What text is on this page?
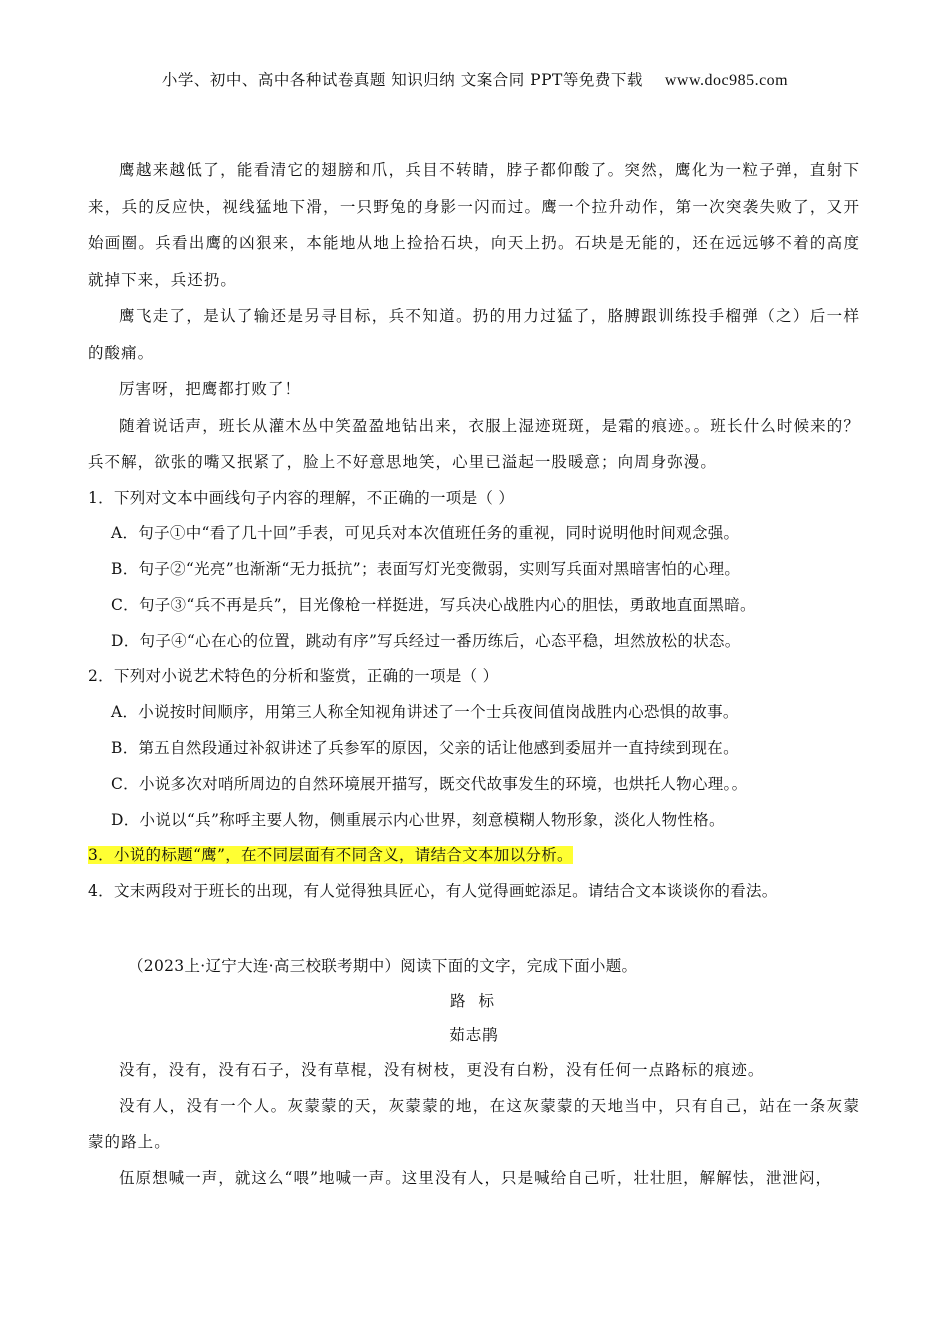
小学、初中、高中各种试卷真题 知识归纳 文案合同 PPT等免费下载 www.doc985.com

鹰越来越低了，能看清它的翅膀和爪，兵目不转睛，脖子都仰酸了。突然，鹰化为一粒子弹，直射下来，兵的反应快，视线猛地下滑，一只野兔的身影一闪而过。鹰一个拉升动作，第一次突袭失败了，又开始画圈。兵看出鹰的凶狠来，本能地从地上捡拾石块，向天上扔。石块是无能的，还在远远够不着的高度就掉下来，兵还扔。

鹰飞走了，是认了输还是另寻目标，兵不知道。扔的用力过猛了，胳膊跟训练投手榴弹（之）后一样的酸痛。

厉害呀，把鹰都打败了！

随着说话声，班长从灌木丛中笑盈盈地钻出来，衣服上湿迹斑斑，是霜的痕迹。。班长什么时候来的？兵不解，欲张的嘴又抿紧了，脸上不好意思地笑，心里已溢起一股暖意；向周身弥漫。

1．下列对文本中画线句子内容的理解，不正确的一项是（ ）

A．句子①中“看了几十回”手表，可见兵对本次值班任务的重视，同时说明他时间观念强。

B．句子②“光亮”也渐渐“无力抵抗”；表面写灯光变微弱，实则写兵面对黑暗害怕的心理。

C．句子③“兵不再是兵”，目光像枪一样挺进，写兵决心战胜内心的胆怯，勇敢地直面黑暗。

D．句子④“心在心的位置，跳动有序”写兵经过一番历练后，心态平稳，坦然放松的状态。

2．下列对小说艺术特色的分析和鉴赏，正确的一项是（ ）

A．小说按时间顺序，用第三人称全知视角讲述了一个士兵夜间值岗战胜内心恐惧的故事。

B．第五自然段通过补叙讲述了兵参军的原因，父亲的话让他感到委屈并一直持续到现在。

C．小说多次对哨所周边的自然环境展开描写，既交代故事发生的环境，也烘托人物心理。。

D．小说以“兵”称呼主要人物，侧重展示内心世界，刻意模糊人物形象，淡化人物性格。

3．小说的标题“鹰”，在不同层面有不同含义，请结合文本加以分析。

4．文末两段对于班长的出现，有人觉得独具匠心，有人觉得画蛇添足。请结合文本谈谈你的看法。

（2023上·辽宁大连·高三校联考期中）阅读下面的文字，完成下面小题。
路 标
茹志鹃

没有，没有，没有石子，没有草棍，没有树枝，更没有白粉，没有任何一点路标的痕迹。

没有人，没有一个人。灰蒙蒙的天，灰蒙蒙的地，在这灰蒙蒙的天地当中，只有自己，站在一条灰蒙蒙的路上。

伍原想喊一声，就这么“喂”地喊一声。这里没有人，只是喊给自己听，壮壮胆，解解怯，泄泄闷，
